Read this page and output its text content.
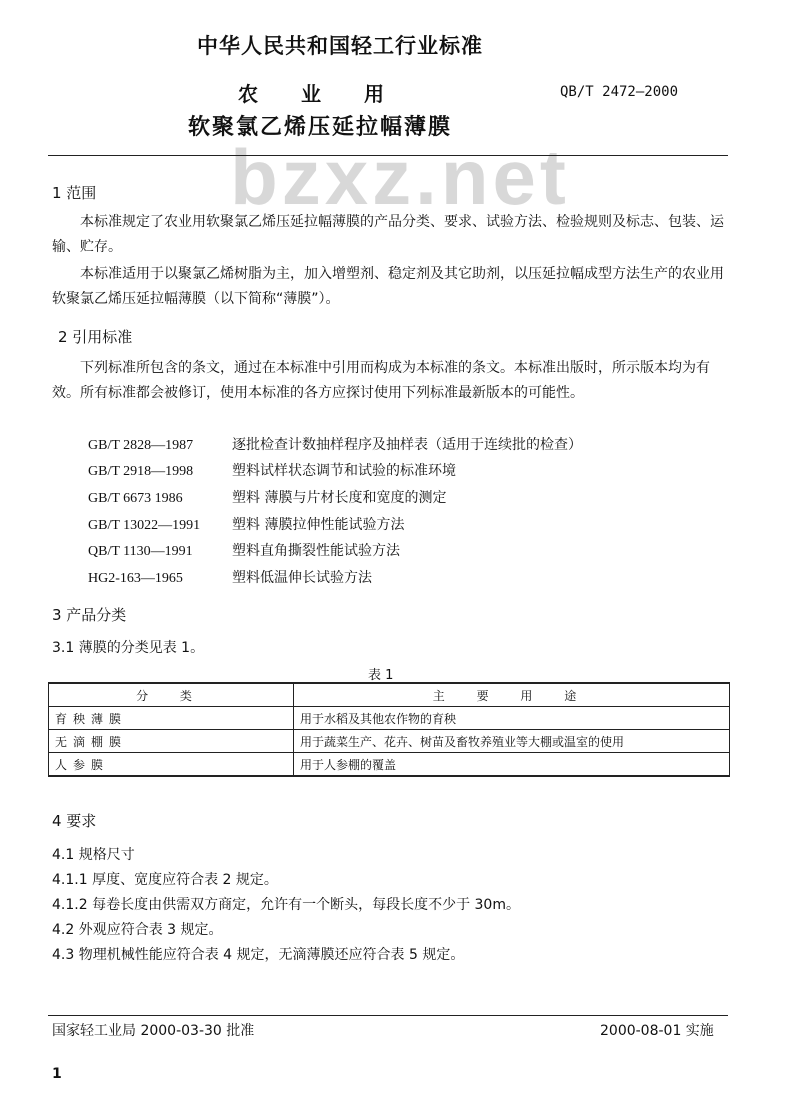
bzxz.net
中华人民共和国轻工行业标准
农 业 用	QB/T 2472—2000
软聚氯乙烯压延拉幅薄膜
1 范围
本标准规定了农业用软聚氯乙烯压延拉幅薄膜的产品分类、要求、试验方法、检验规则及标志、包装、运输、贮存。
本标准适用于以聚氯乙烯树脂为主，加入增塑剂、稳定剂及其它助剂，以压延拉幅成型方法生产的农业用软聚氯乙烯压延拉幅薄膜（以下简称“薄膜”）。
2 引用标准
下列标准所包含的条文，通过在本标准中引用而构成为本标准的条文。本标准出版时，所示版本均为有效。所有标准都会被修订，使用本标准的各方应探讨使用下列标准最新版本的可能性。
GB/T 2828—1987	逐批检查计数抽样程序及抽样表（适用于连续批的检查）
GB/T 2918—1998	塑料试样状态调节和试验的标准环境
GB/T 6673 1986	塑料 薄膜与片材长度和宽度的测定
GB/T 13022—1991 塑料 薄膜拉伸性能试验方法
QB/T 1130—1991	塑料直角撕裂性能试验方法
HG2-163—1965	塑料低温伸长试验方法
3 产品分类
3.1 薄膜的分类见表 1。
表 1
分 类	主 要 用 途
育秧薄膜	用于水稻及其他农作物的育秧
无滴棚膜	用于蔬菜生产、花卉、树苗及畜牧养殖业等大棚或温室的使用
人参膜	用于人参棚的覆盖
4 要求
4.1 规格尺寸
4.1.1 厚度、宽度应符合表 2 规定。
4.1.2 每卷长度由供需双方商定，允许有一个断头，每段长度不少于 30m。
4.2 外观应符合表 3 规定。
4.3 物理机械性能应符合表 4 规定，无滴薄膜还应符合表 5 规定。
国家轻工业局 2000-03-30 批准	2000-08-01 实施
1
